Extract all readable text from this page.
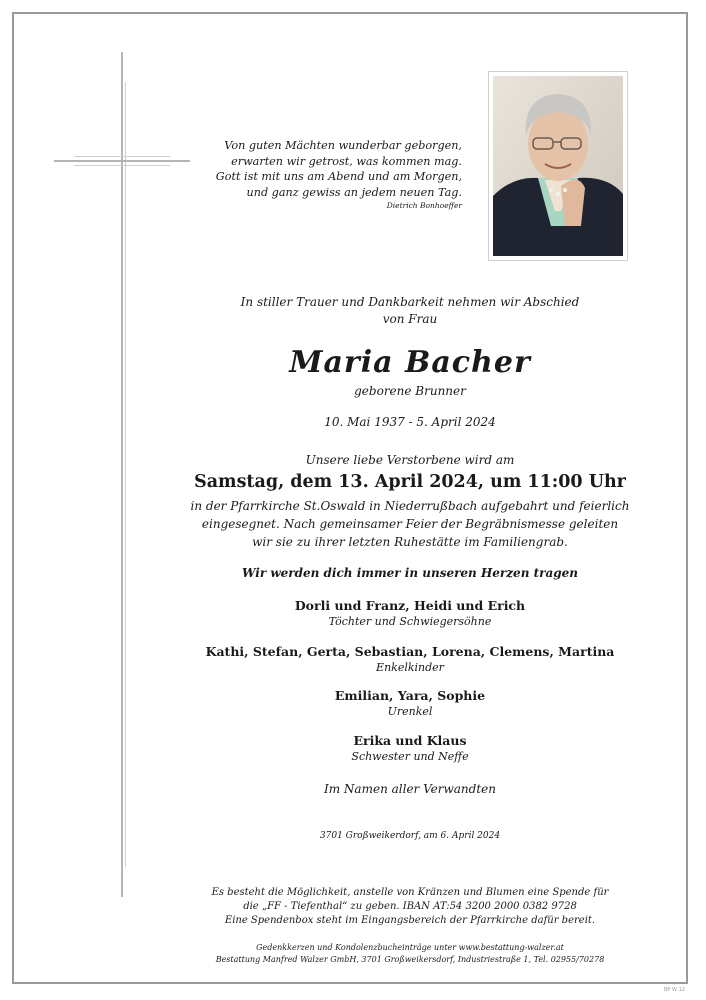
Von guten Mächten wunderbar geborgen,
erwarten wir getrost, was kommen mag.
Gott ist mit uns am Abend und am Morgen,
und ganz gewiss an jedem neuen Tag.
Dietrich Bonhoeffer
In stiller Trauer und Dankbarkeit nehmen wir Abschied
von Frau
Maria Bacher
geborene Brunner
10. Mai 1937 - 5. April 2024
Unsere liebe Verstorbene wird am
Samstag, dem 13. April 2024, um 11:00 Uhr
in der Pfarrkirche St.Oswald in Niederrußbach aufgebahrt und feierlich
eingesegnet. Nach gemeinsamer Feier der Begräbnismesse geleiten
wir sie zu ihrer letzten Ruhestätte im Familiengrab.
Wir werden dich immer in unseren Herzen tragen
Dorli und Franz, Heidi und Erich
Töchter und Schwiegersöhne
Kathi, Stefan, Gerta, Sebastian, Lorena, Clemens, Martina
Enkelkinder
Emilian, Yara, Sophie
Urenkel
Erika und Klaus
Schwester und Neffe
Im Namen aller Verwandten
3701 Großweikerdorf, am 6. April 2024
Es besteht die Möglichkeit, anstelle von Kränzen und Blumen eine Spende für
die „FF - Tiefenthal“ zu geben. IBAN AT:54 3200 2000 0382 9728
Eine Spendenbox steht im Eingangsbereich der Pfarrkirche dafür bereit.
Gedenkkerzen und Kondolenzbucheinträge unter www.bestattung-walzer.at
Bestattung Manfred Walzer GmbH, 3701 Großweikersdorf, Industriestraße 1, Tel. 02955/70278
BP W 12
